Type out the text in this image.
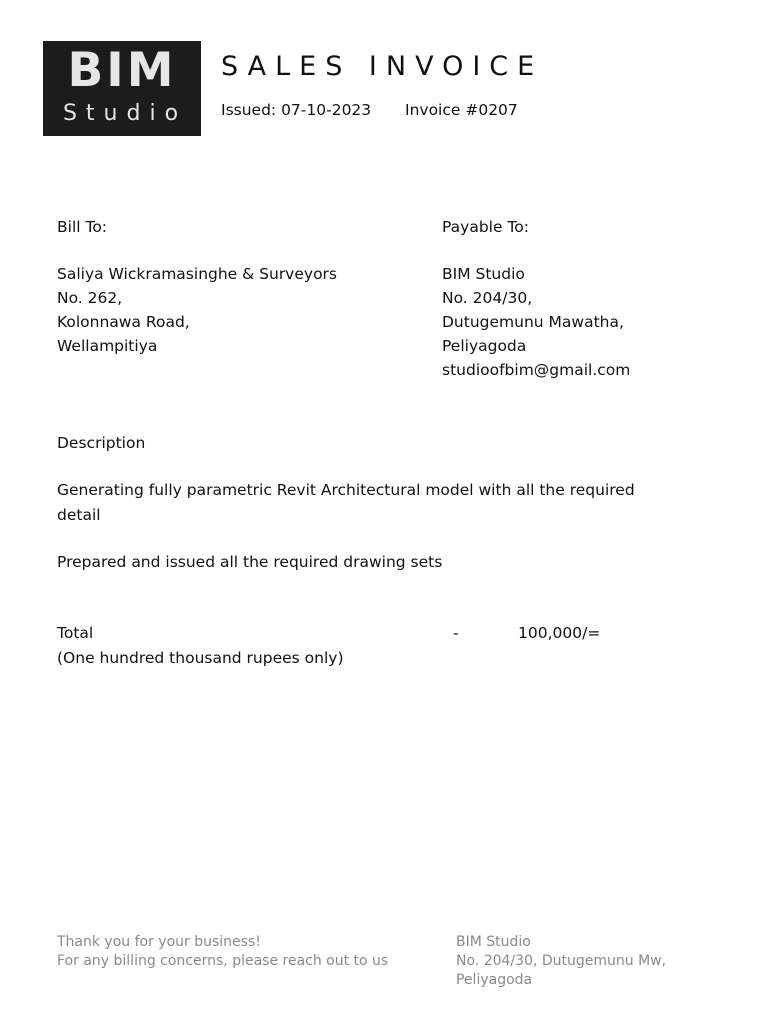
BIM
Studio
SALES INVOICE
Issued: 07-10-2023 Invoice #0207
Bill To:
Saliya Wickramasinghe & Surveyors
No. 262,
Kolonnawa Road,
Wellampitiya
Payable To:
BIM Studio
No. 204/30,
Dutugemunu Mawatha,
Peliyagoda
studioofbim@gmail.com
Description

Generating fully parametric Revit Architectural model with all the required detail

Prepared and issued all the required drawing sets

Total	-	100,000/=
(One hundred thousand rupees only)
Thank you for your business!
For any billing concerns, please reach out to us
BIM Studio
No. 204/30, Dutugemunu Mw,
Peliyagoda
